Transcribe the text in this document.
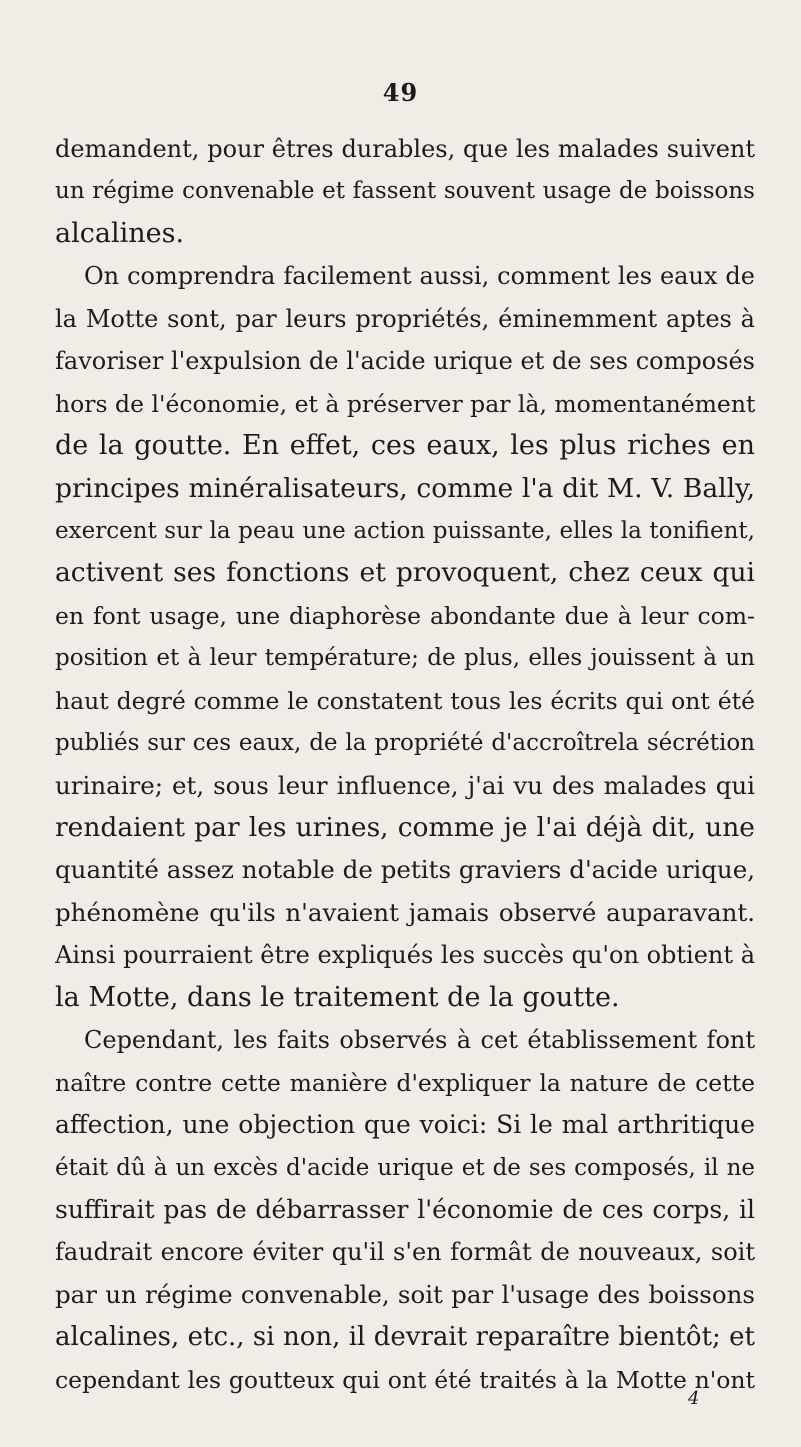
49
demandent, pour êtres durables, que les malades suivent
un régime convenable et fassent souvent usage de boissons
alcalines.
On comprendra facilement aussi, comment les eaux de
la Motte sont, par leurs propriétés, éminemment aptes à
favoriser l'expulsion de l'acide urique et de ses composés
hors de l'économie, et à préserver par là, momentanément
de la goutte. En effet, ces eaux, les plus riches en
principes minéralisateurs, comme l'a dit M. V. Bally,
exercent sur la peau une action puissante, elles la tonifient,
activent ses fonctions et provoquent, chez ceux qui
en font usage, une diaphorèse abondante due à leur com-
position et à leur température; de plus, elles jouissent à un
haut degré comme le constatent tous les écrits qui ont été
publiés sur ces eaux, de la propriété d'accroîtrela sécrétion
urinaire; et, sous leur influence, j'ai vu des malades qui
rendaient par les urines, comme je l'ai déjà dit, une
quantité assez notable de petits graviers d'acide urique,
phénomène qu'ils n'avaient jamais observé auparavant.
Ainsi pourraient être expliqués les succès qu'on obtient à
la Motte, dans le traitement de la goutte.
Cependant, les faits observés à cet établissement font
naître contre cette manière d'expliquer la nature de cette
affection, une objection que voici: Si le mal arthritique
était dû à un excès d'acide urique et de ses composés, il ne
suffirait pas de débarrasser l'économie de ces corps, il
faudrait encore éviter qu'il s'en formât de nouveaux, soit
par un régime convenable, soit par l'usage des boissons
alcalines, etc., si non, il devrait reparaître bientôt; et
cependant les goutteux qui ont été traités à la Motte n'ont
4
